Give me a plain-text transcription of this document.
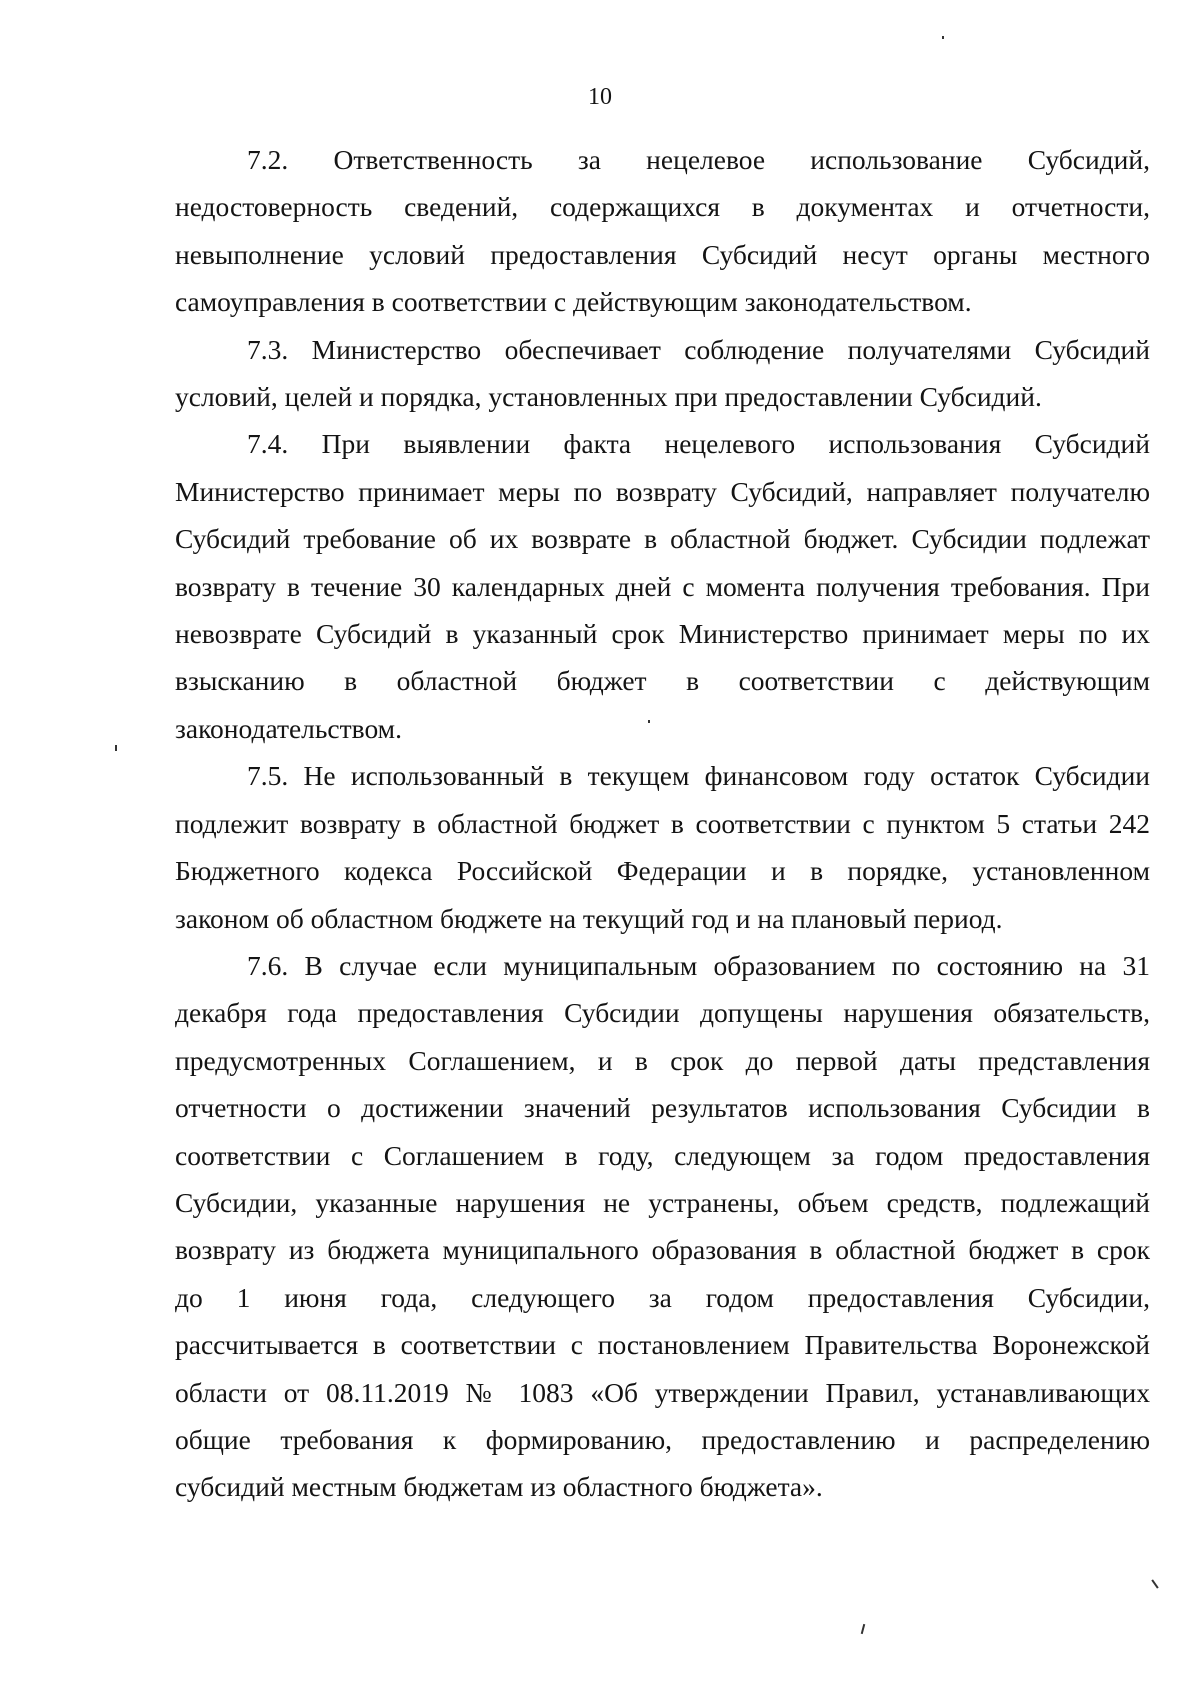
10

7.2. Ответственность за нецелевое использование Субсидий,
недостоверность сведений, содержащихся в документах и отчетности,
невыполнение условий предоставления Субсидий несут органы местного
самоуправления в соответствии с действующим законодательством.

7.3. Министерство обеспечивает соблюдение получателями Субсидий
условий, целей и порядка, установленных при предоставлении Субсидий.

7.4. При выявлении факта нецелевого использования Субсидий
Министерство принимает меры по возврату Субсидий, направляет получателю
Субсидий требование об их возврате в областной бюджет. Субсидии подлежат
возврату в течение 30 календарных дней с момента получения требования. При
невозврате Субсидий в указанный срок Министерство принимает меры по их
взысканию в областной бюджет в соответствии с действующим
законодательством.

7.5. Не использованный в текущем финансовом году остаток Субсидии
подлежит возврату в областной бюджет в соответствии с пунктом 5 статьи 242
Бюджетного кодекса Российской Федерации и в порядке, установленном
законом об областном бюджете на текущий год и на плановый период.

7.6. В случае если муниципальным образованием по состоянию на 31
декабря года предоставления Субсидии допущены нарушения обязательств,
предусмотренных Соглашением, и в срок до первой даты представления
отчетности о достижении значений результатов использования Субсидии в
соответствии с Соглашением в году, следующем за годом предоставления
Субсидии, указанные нарушения не устранены, объем средств, подлежащий
возврату из бюджета муниципального образования в областной бюджет в срок
до 1 июня года, следующего за годом предоставления Субсидии,
рассчитывается в соответствии с постановлением Правительства Воронежской
области от 08.11.2019 № 1083 «Об утверждении Правил, устанавливающих
общие требования к формированию, предоставлению и распределению
субсидий местным бюджетам из областного бюджета».
